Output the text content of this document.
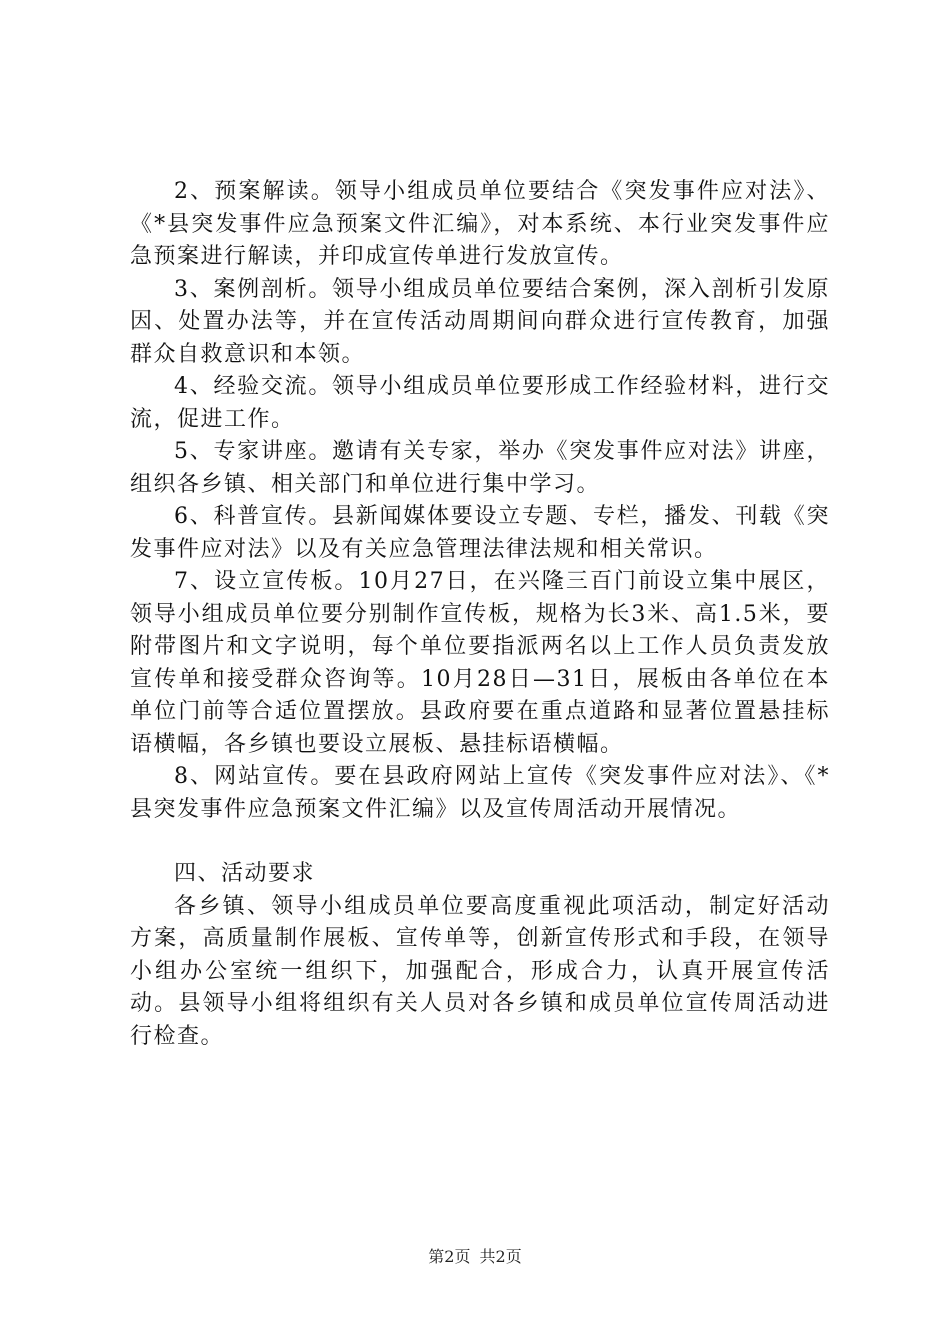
2、预案解读。领导小组成员单位要结合《突发事件应对法》、《*县突发事件应急预案文件汇编》，对本系统、本行业突发事件应急预案进行解读，并印成宣传单进行发放宣传。

3、案例剖析。领导小组成员单位要结合案例，深入剖析引发原因、处置办法等，并在宣传活动周期间向群众进行宣传教育，加强群众自救意识和本领。

4、经验交流。领导小组成员单位要形成工作经验材料，进行交流，促进工作。

5、专家讲座。邀请有关专家，举办《突发事件应对法》讲座，组织各乡镇、相关部门和单位进行集中学习。

6、科普宣传。县新闻媒体要设立专题、专栏，播发、刊载《突发事件应对法》以及有关应急管理法律法规和相关常识。

7、设立宣传板。10月27日，在兴隆三百门前设立集中展区，领导小组成员单位要分别制作宣传板，规格为长3米、高1.5米，要附带图片和文字说明，每个单位要指派两名以上工作人员负责发放宣传单和接受群众咨询等。10月28日—31日，展板由各单位在本单位门前等合适位置摆放。县政府要在重点道路和显著位置悬挂标语横幅，各乡镇也要设立展板、悬挂标语横幅。

8、网站宣传。要在县政府网站上宣传《突发事件应对法》、《*县突发事件应急预案文件汇编》以及宣传周活动开展情况。

四、活动要求

各乡镇、领导小组成员单位要高度重视此项活动，制定好活动方案，高质量制作展板、宣传单等，创新宣传形式和手段，在领导小组办公室统一组织下，加强配合，形成合力，认真开展宣传活动。县领导小组将组织有关人员对各乡镇和成员单位宣传周活动进行检查。

第2页 共2页
